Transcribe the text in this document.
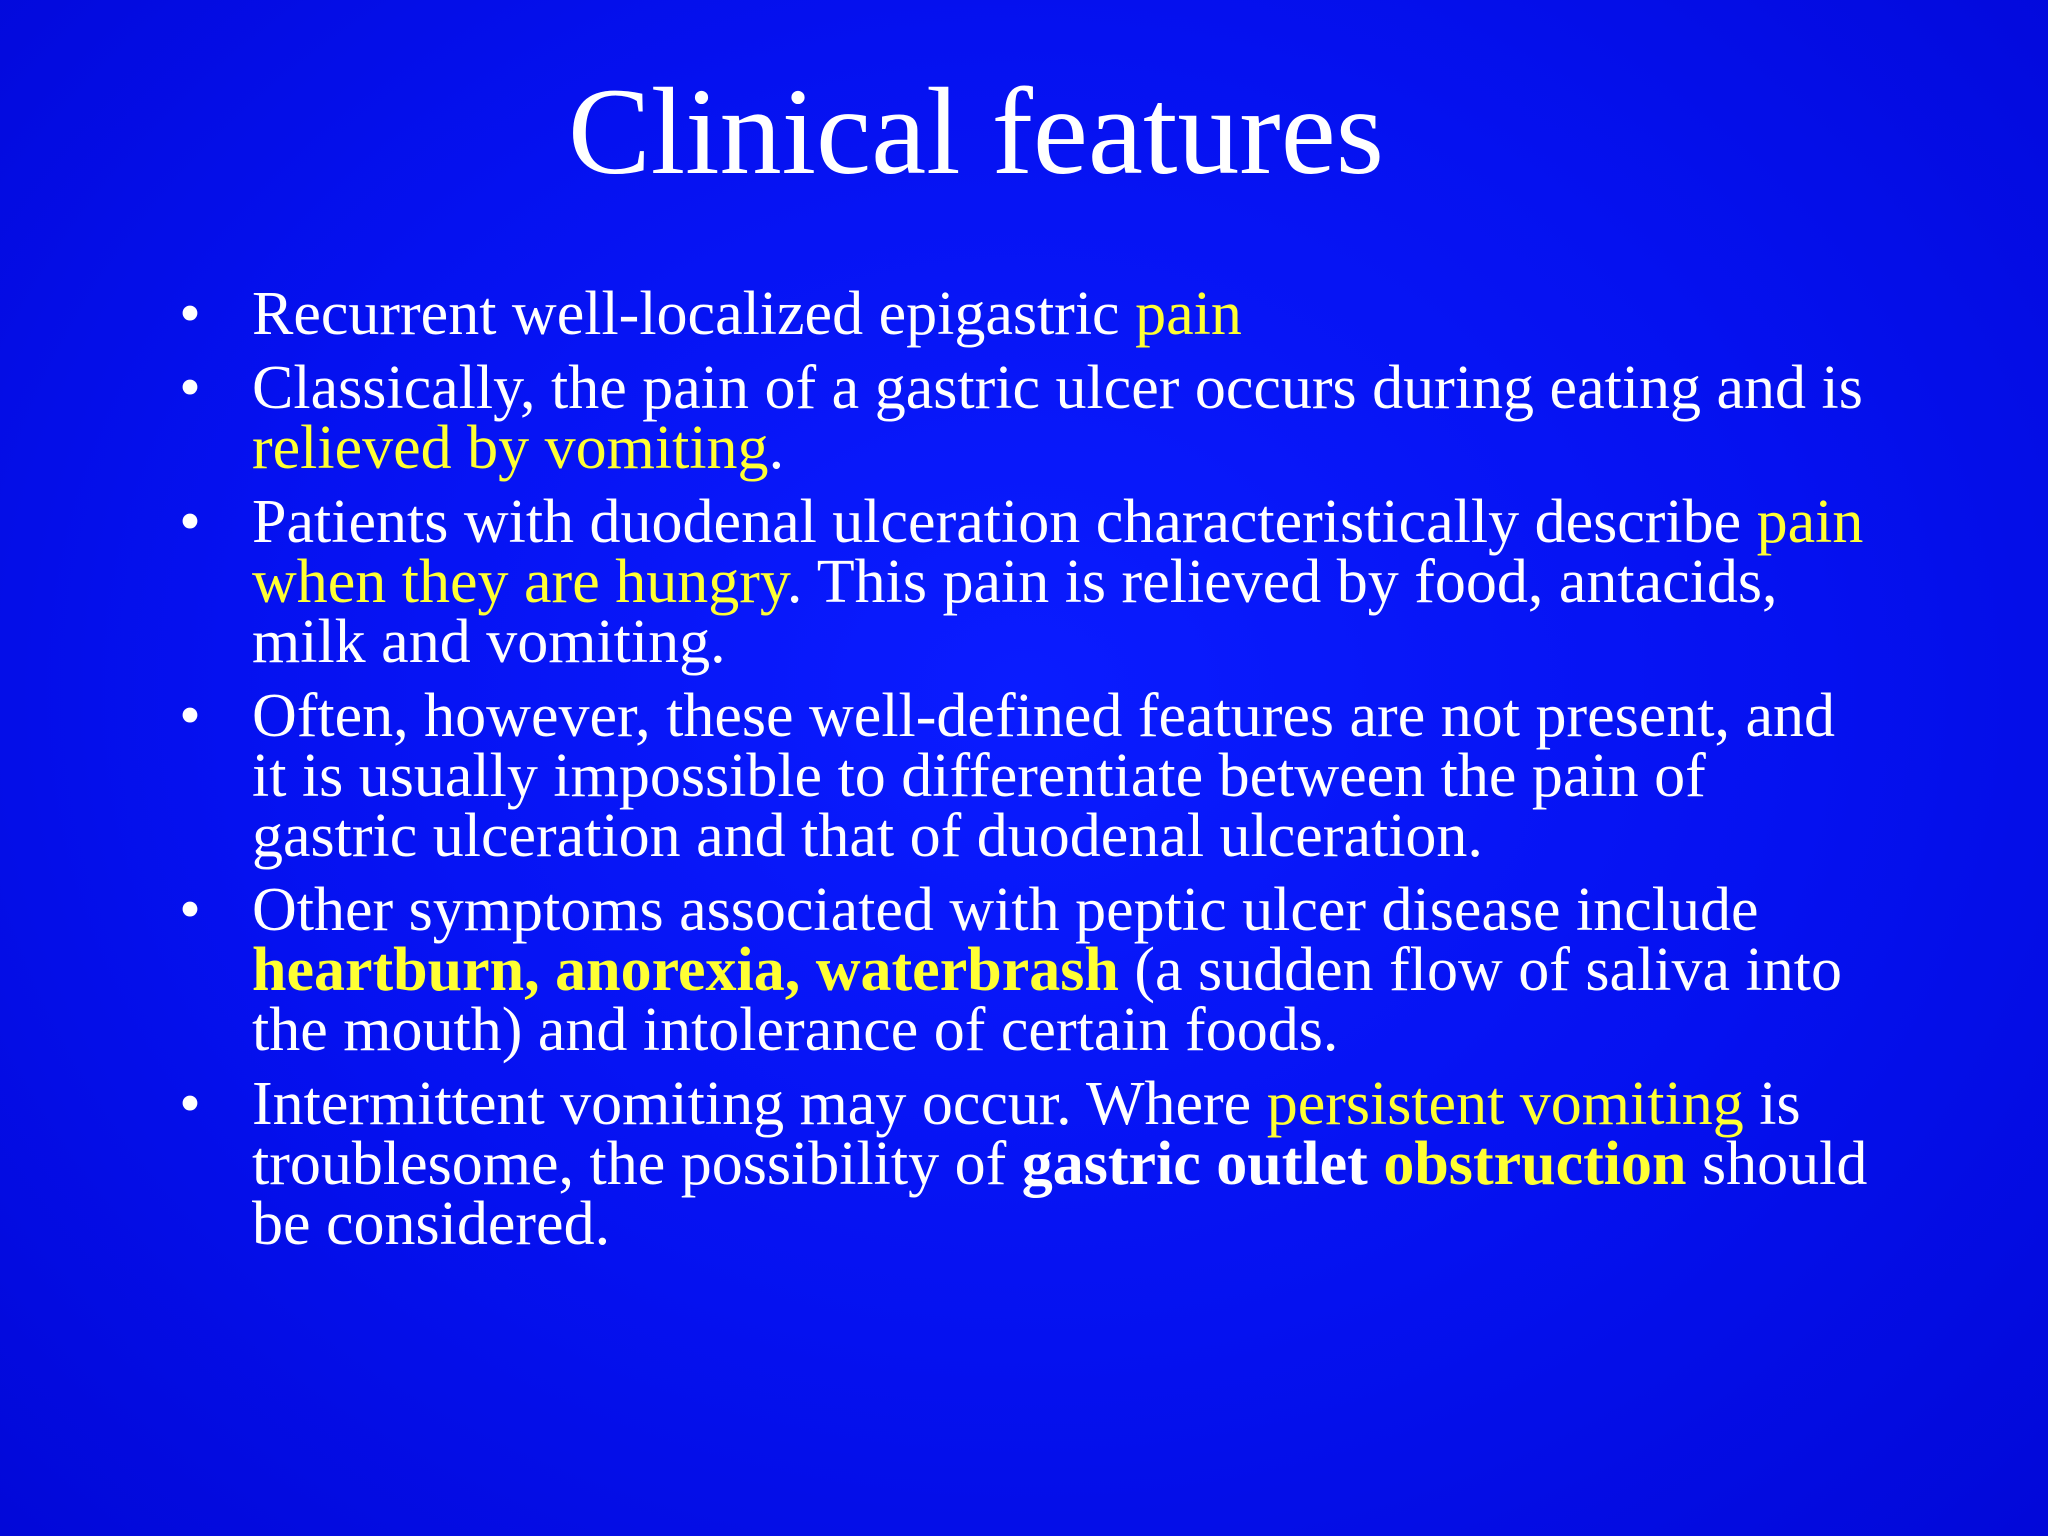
Clinical features
• Recurrent well-localized epigastric pain
• Classically, the pain of a gastric ulcer occurs during eating and is relieved by vomiting.
• Patients with duodenal ulceration characteristically describe pain when they are hungry. This pain is relieved by food, antacids, milk and vomiting.
• Often, however, these well-defined features are not present, and it is usually impossible to differentiate between the pain of gastric ulceration and that of duodenal ulceration.
• Other symptoms associated with peptic ulcer disease include heartburn, anorexia, waterbrash (a sudden flow of saliva into the mouth) and intolerance of certain foods.
• Intermittent vomiting may occur. Where persistent vomiting is troublesome, the possibility of gastric outlet obstruction should be considered.
